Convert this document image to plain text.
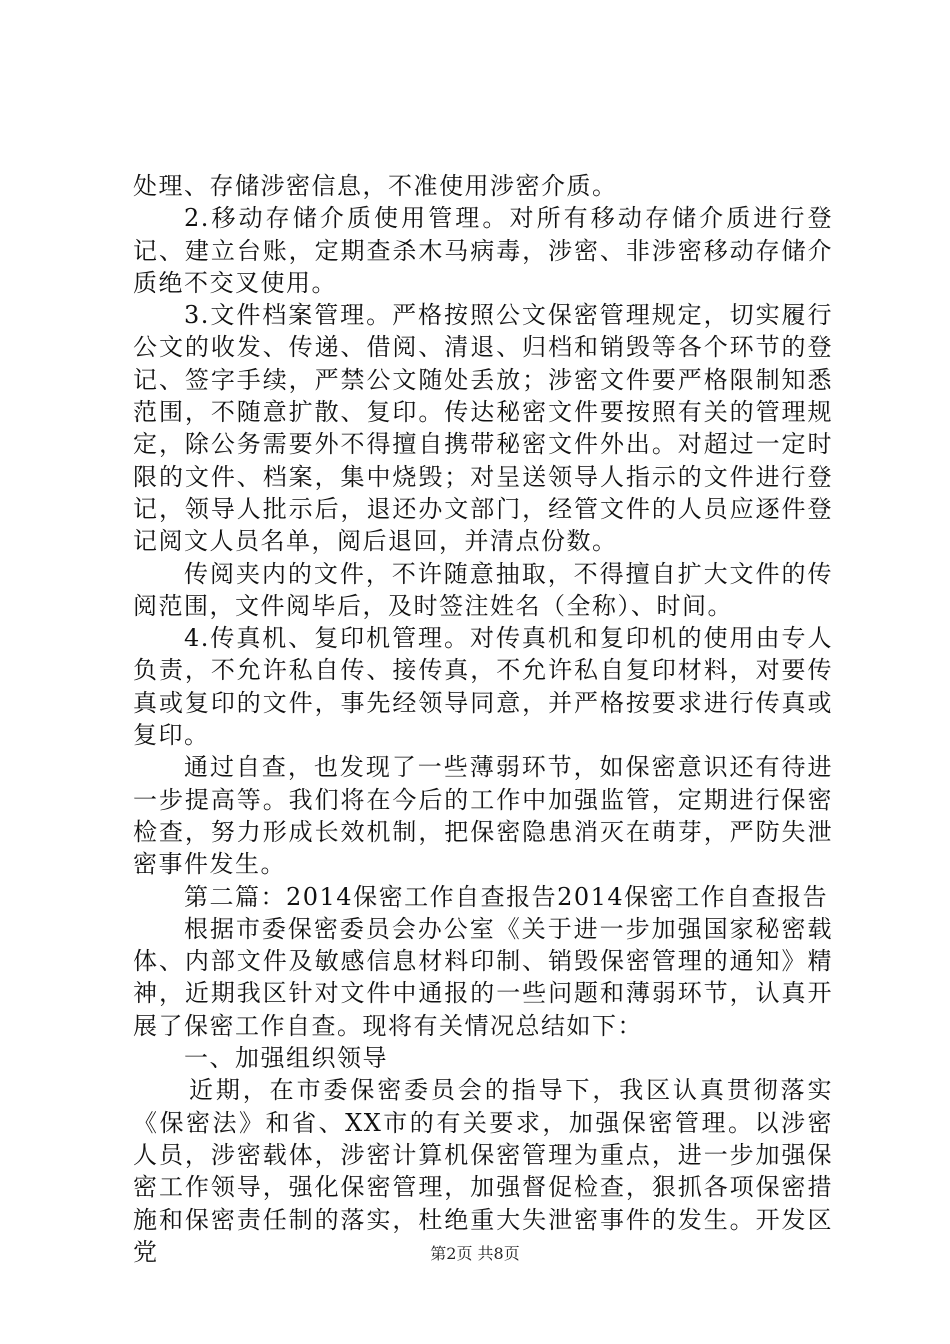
处理、存储涉密信息，不准使用涉密介质。

2.移动存储介质使用管理。对所有移动存储介质进行登记、建立台账，定期查杀木马病毒，涉密、非涉密移动存储介质绝不交叉使用。

3.文件档案管理。严格按照公文保密管理规定，切实履行公文的收发、传递、借阅、清退、归档和销毁等各个环节的登记、签字手续，严禁公文随处丢放；涉密文件要严格限制知悉范围，不随意扩散、复印。传达秘密文件要按照有关的管理规定，除公务需要外不得擅自携带秘密文件外出。对超过一定时限的文件、档案，集中烧毁；对呈送领导人指示的文件进行登记，领导人批示后，退还办文部门，经管文件的人员应逐件登记阅文人员名单，阅后退回，并清点份数。

传阅夹内的文件，不许随意抽取，不得擅自扩大文件的传阅范围，文件阅毕后，及时签注姓名（全称）、时间。

4.传真机、复印机管理。对传真机和复印机的使用由专人负责，不允许私自传、接传真，不允许私自复印材料，对要传真或复印的文件，事先经领导同意，并严格按要求进行传真或复印。

通过自查，也发现了一些薄弱环节，如保密意识还有待进一步提高等。我们将在今后的工作中加强监管，定期进行保密检查，努力形成长效机制，把保密隐患消灭在萌芽，严防失泄密事件发生。

第二篇：2014保密工作自查报告2014保密工作自查报告

根据市委保密委员会办公室《关于进一步加强国家秘密载体、内部文件及敏感信息材料印制、销毁保密管理的通知》精神，近期我区针对文件中通报的一些问题和薄弱环节，认真开展了保密工作自查。现将有关情况总结如下：

一、加强组织领导

近期，在市委保密委员会的指导下，我区认真贯彻落实《保密法》和省、XX市的有关要求，加强保密管理。以涉密人员，涉密载体，涉密计算机保密管理为重点，进一步加强保密工作领导，强化保密管理，加强督促检查，狠抓各项保密措施和保密责任制的落实，杜绝重大失泄密事件的发生。开发区党	第2页 共8页
